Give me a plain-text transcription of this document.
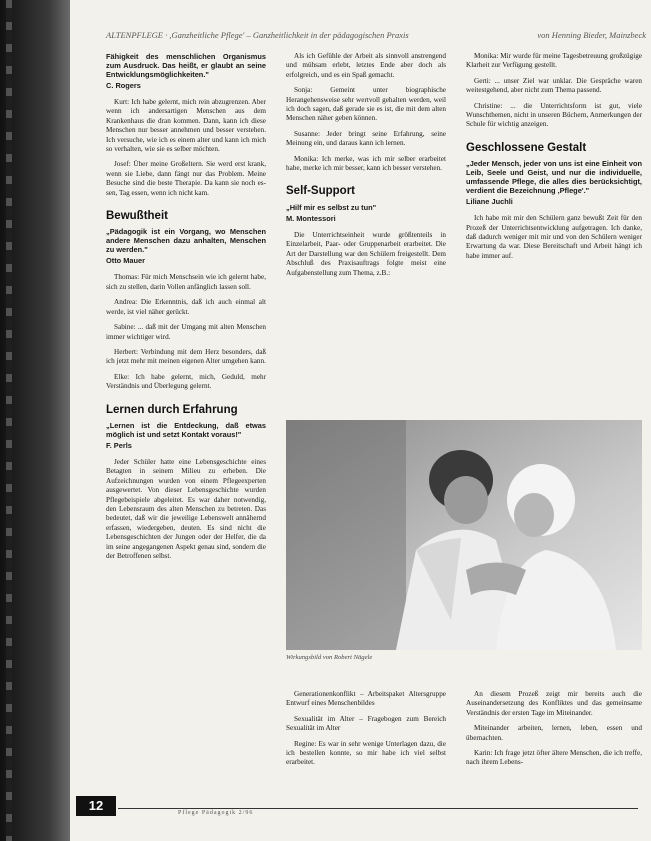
ALTENPFLEGE · ,Ganzheitliche Pflege' – Ganzheitlichkeit in der pädagogischen Praxis	von Henning Bieder, Mainzbeck
Fähigkeit des menschlichen Organismus zum Ausdruck. Das heißt, er glaubt an seine Entwicklungsmöglichkeiten."
C. Rogers

Kurt: Ich habe gelernt, mich rein abzugrenzen. Aber wenn ich andersartigen Menschen aus dem Krankenhaus die dran kommen. Dann, kann ich diese Menschen nur besser annehmen und besser verstehen. Ich versuche, wie ich es einem alter und kann ich mich so verhalten, wie sie es selber möchten.

Josef: Über meine Großeltern. Sie werd erst krank, wenn sie Liebe, dann fängt nur das Problem. Meine Besuche sind die beste Therapie. Da kann sie noch essen, Tag essen, wenn ich nicht kam.

Bewußtheit
„Pädagogik ist ein Vorgang, wo Menschen andere Menschen dazu anhalten, Menschen zu werden."
Otto Mauer

Thomas: Für mich Menschsein wie ich gelernt habe, sich zu stellen, darin Vollen anfänglich lassen soll.

Andrea: Die Erkenntnis, daß ich auch einmal alt werde, ist viel näher gerückt.

Sabine: ... daß mit der Umgang mit alten Menschen immer wichtiger wird.

Herbert: Verbindung mit dem Herz besonders, daß ich jetzt mehr mit meinen eigenen Alter umgehen kann.

Elke: Ich habe gelernt, mich, Geduld, mehr Verständnis und Überlegung gelernt.

Lernen durch Erfahrung
„Lernen ist die Entdeckung, daß etwas möglich ist und setzt Kontakt voraus!"
F. Perls

Jeder Schüler hatte eine Lebensgeschichte eines Betagten in seinem Milieu zu erheben. Die Aufzeichnungen wurden von einem Pflegeexperten ausgewertet. Von dieser Lebensgeschichte wurden Pflegebeispiele abgeleitet. Es war daher notwendig, den Lebensraum des alten Menschen zu betreten. Das bedeutet, daß wir die jeweilige Lebenswelt annähernd erfassen, wiedergeben, deuten. Es sind nicht die Lebensgeschichten der Jungen oder der Helfer, die da im seine angegangenen Aspekt genau sind, sondern die der Betroffenen selbst.

Als ich Gefühle der Arbeit als sinnvoll anstrengend und mühsam erlebt, letztes Ende aber doch als erfolgreich, und es ein Spaß gemacht.

Sonja: Gemeint unter biographische Herangehensweise sehr wertvoll gehalten werden, weil ich doch sagen, daß gerade sie es ist, die mit dem alten Menschen näher geben können.

Susanne: Jeder bringt seine Erfahrung, seine Meinung ein, und daraus kann ich lernen.

Monika: Ich merke, was ich mir selber erarbeitet habe, merke ich mir besser, kann ich besser verstehen.

Self-Support
„Hilf mir es selbst zu tun"
M. Montessori

Die Unterrichtseinheit wurde größtenteils in Einzelarbeit, Paar- oder Gruppenarbeit erarbeitet. Die Art der Darstellung war den Schülern freigestellt. Dem Abschluß des Praxisauftrags folgte meist eine Aufgabenstellung zum Thema, z.B.:

Monika: Mir wurde für meine Tagesbetreuung großzügige Klarheit zur Verfügung gestellt.

Gerti: ... unser Ziel war unklar. Die Gespräche waren weitestgehend, aber nicht zum Thema passend.

Christine: ... die Unterrichtsform ist gut, viele Wunschthemen, nicht in unseren Büchern, Anmerkungen der Schule für wichtig anzeigen.

Geschlossene Gestalt
„Jeder Mensch, jeder von uns ist eine Einheit von Leib, Seele und Geist, und nur die individuelle, umfassende Pflege, die alles dies berücksichtigt, verdient die Bezeichnung ‚Pflege'."
Liliane Juchli

Ich habe mit mir den Schülern ganz bewußt Zeit für den Prozeß der Unterrichtsentwicklung aufgetragen. Ich danke, daß dadurch weniger mit mir und von den Schülern weniger Erwartung da war. Diese Bereitschaft und Arbeit hängt ich habe immer auf.

Wirkungsbild von Robert Nägele

Generationenkonflikt – Arbeitspaket Altersgruppe Entwurf eines Menschenbildes

Sexualität im Alter – Fragebogen zum Bereich Sexualität im Alter

Regine: Es war in sehr wenige Unterlagen dazu, die ich bestellen konnte, so mir habe ich viel selbst erarbeitet.

An diesem Prozeß zeigt mir bereits auch die Auseinandersetzung des Konfliktes und das gemeinsame Verständnis der ersten Tage im Miteinander.

Miteinander arbeiten, lernen, leben, essen und übernachten.

Karin: Ich frage jetzt öfter ältere Menschen, die ich treffe, nach ihrem Lebens-

12	Pflege Pädagogik 2/96
